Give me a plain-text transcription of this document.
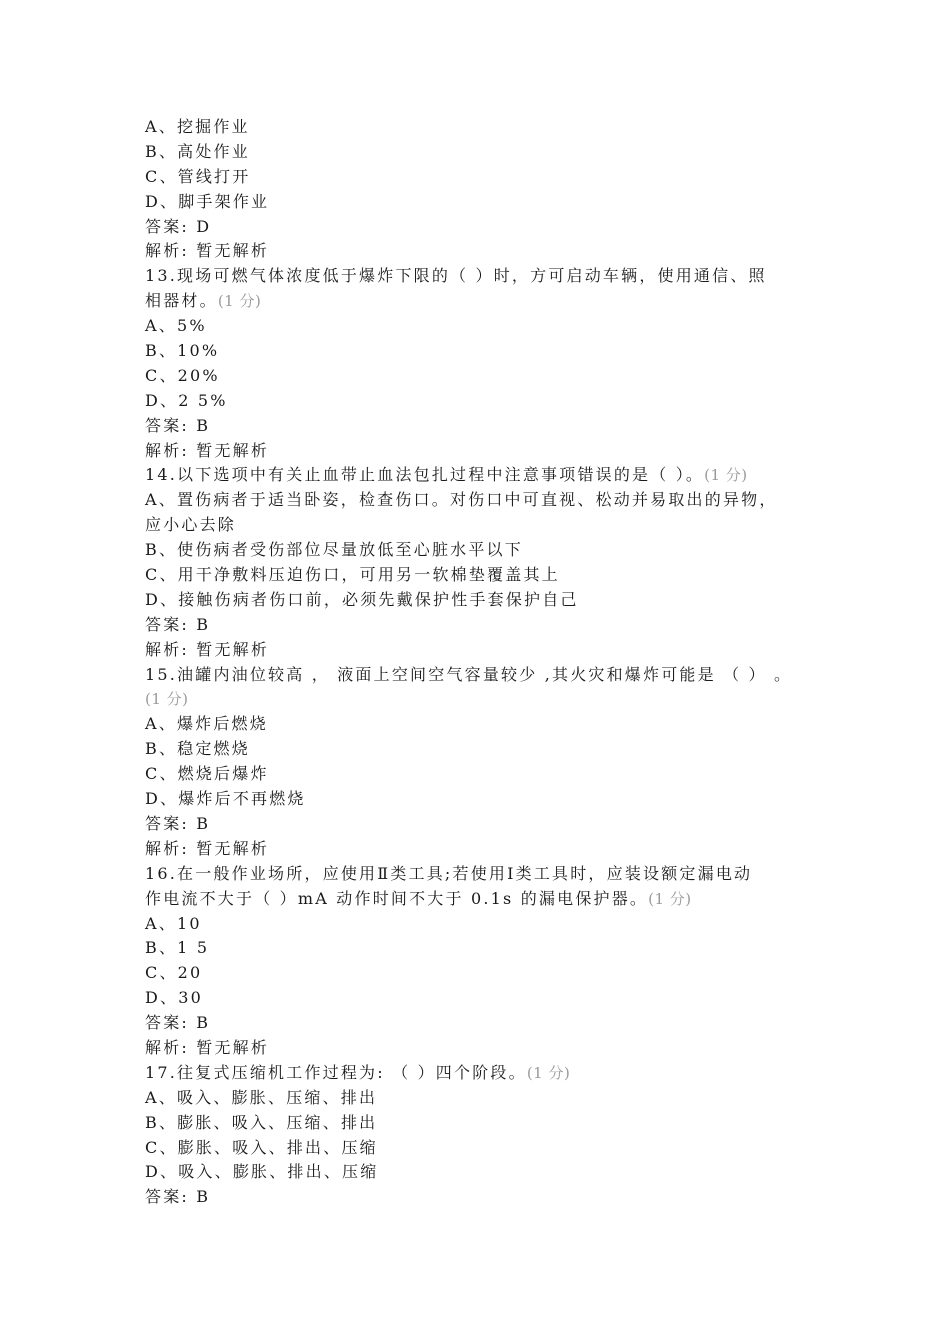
A、挖掘作业
B、高处作业
C、管线打开
D、脚手架作业
答案: D
解析: 暂无解析
13.现场可燃气体浓度低于爆炸下限的（ ）时，方可启动车辆，使用通信、照
相器材。(1 分)
A、5%
B、10%
C、20%
D、2 5%
答案: B
解析: 暂无解析
14.以下选项中有关止血带止血法包扎过程中注意事项错误的是（ ）。(1 分)
A、置伤病者于适当卧姿，检查伤口。对伤口中可直视、松动并易取出的异物，
应小心去除
B、使伤病者受伤部位尽量放低至心脏水平以下
C、用干净敷料压迫伤口，可用另一软棉垫覆盖其上
D、接触伤病者伤口前，必须先戴保护性手套保护自己
答案: B
解析: 暂无解析
15.油罐内油位较高 ， 液面上空间空气容量较少 ,其火灾和爆炸可能是 （ ） 。
(1 分)
A、爆炸后燃烧
B、稳定燃烧
C、燃烧后爆炸
D、爆炸后不再燃烧
答案: B
解析: 暂无解析
16.在一般作业场所，应使用Ⅱ类工具;若使用Ⅰ类工具时，应装设额定漏电动
作电流不大于（ ）mA 动作时间不大于 0.1s 的漏电保护器。(1 分)
A、10
B、1 5
C、20
D、30
答案: B
解析: 暂无解析
17.往复式压缩机工作过程为: （ ）四个阶段。(1 分)
A、吸入、膨胀、压缩、排出
B、膨胀、吸入、压缩、排出
C、膨胀、吸入、排出、压缩
D、吸入、膨胀、排出、压缩
答案: B
